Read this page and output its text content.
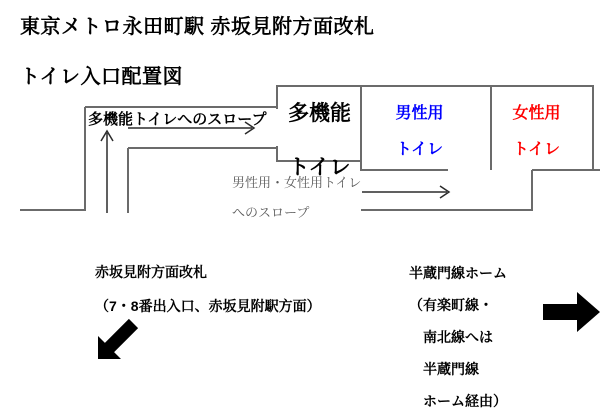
東京メトロ永田町駅 赤坂見附方面改札

トイレ入口配置図
多機能トイレへのスロープ	多機能

トイレ
男性用

トイレ
女性用

トイレ
男性用・女性用トイレ

へのスロープ
赤坂見附方面改札

（7・8番出入口、赤坂見附駅方面）
半蔵門線ホーム

（有楽町線・

　南北線へは

　半蔵門線

　ホーム経由）
